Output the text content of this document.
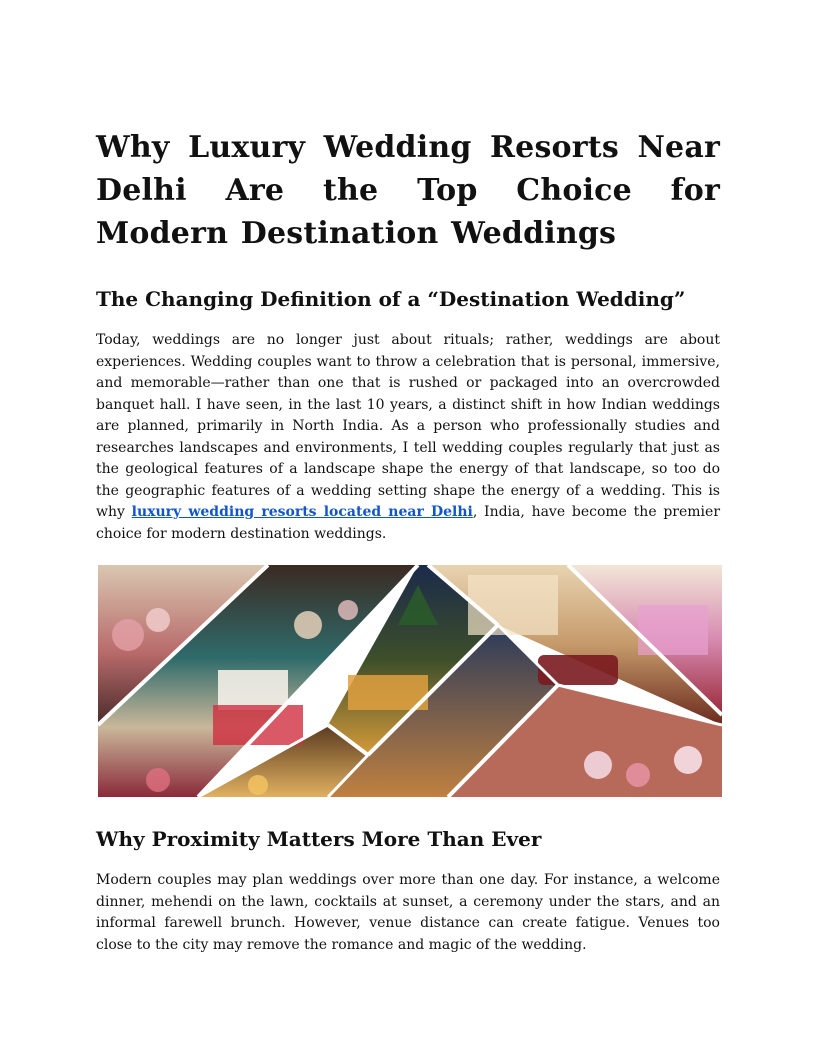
Why Luxury Wedding Resorts Near Delhi Are the Top Choice for Modern Destination Weddings
The Changing Definition of a “Destination Wedding”

Today, weddings are no longer just about rituals; rather, weddings are about experiences. Wedding couples want to throw a celebration that is personal, immersive, and memorable—rather than one that is rushed or packaged into an overcrowded banquet hall. I have seen, in the last 10 years, a distinct shift in how Indian weddings are planned, primarily in North India. As a person who professionally studies and researches landscapes and environments, I tell wedding couples regularly that just as the geological features of a landscape shape the energy of that landscape, so too do the geographic features of a wedding setting shape the energy of a wedding. This is why luxury wedding resorts located near Delhi, India, have become the premier choice for modern destination weddings.

Why Proximity Matters More Than Ever

Modern couples may plan weddings over more than one day. For instance, a welcome dinner, mehendi on the lawn, cocktails at sunset, a ceremony under the stars, and an informal farewell brunch. However, venue distance can create fatigue. Venues too close to the city may remove the romance and magic of the wedding.
